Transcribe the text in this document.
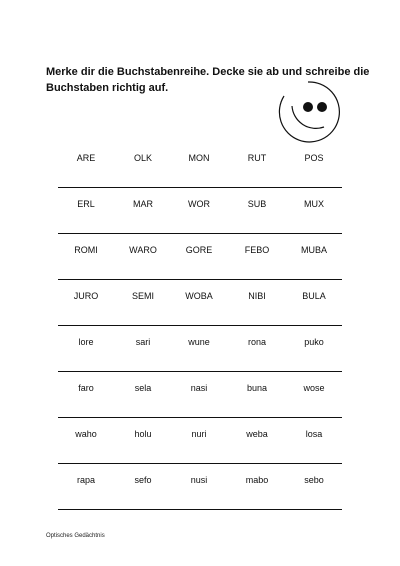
Merke dir die Buchstabenreihe. Decke sie ab und schreibe die Buchstaben richtig auf.

ARE	OLK	MON	RUT	POS
ERL	MAR	WOR	SUB	MUX
ROMI	WARO	GORE	FEBO	MUBA
JURO	SEMI	WOBA	NIBI	BULA
lore	sari	wune	rona	puko
faro	sela	nasi	buna	wose
waho	holu	nuri	weba	losa
rapa	sefo	nusi	mabo	sebo
Optisches Gedächtnis
